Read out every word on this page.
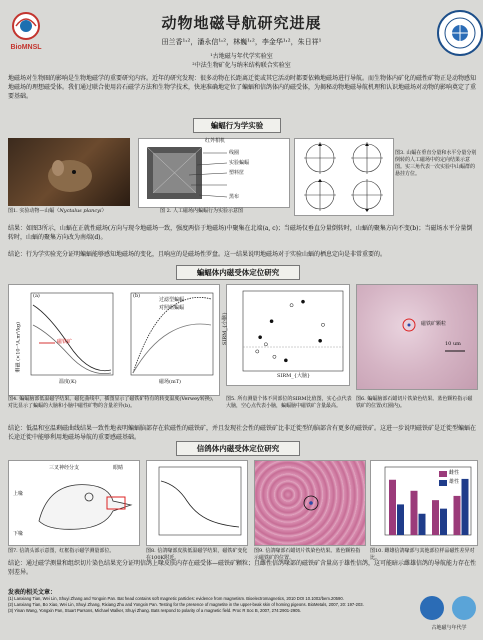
BioMNSL
动物地磁导航研究进展
田兰香¹˒²，潘永信¹˒²，林巍¹˒²，李金华¹˒²，朱日祥¹
¹古地磁与年代学实验室
²中法生物矿化与纳米结构联合实验室
地磁场对生物圈的影响是生物地磁学的重要研究内容。近年的研究发现：很多动物在长距离迁徙或其它活动时都要依赖地磁场进行导航。而生物体内矿化的磁性矿物正是动物感知地磁场的理想磁受体。我们通过联合使用岩石磁学方法和生物学技术，快速准确地定位了蝙蝠和信鸽体内的磁受体，为揭秘动物地磁导航机理和认识地磁场对动物的影响奠定了重要基础。
蝙蝠行为学实验
图1. 实验动物—山蝠（Nyctalus plancyi）
红外相机
线圈
实验蝙蝠
塑料筐
黑布
图 2. 人工磁场内蝙蝠行为实验示意图
图3. 山蝠在垂直分量和水平分量分别倒转的人工磁场中的定向结果示意图。实三角代表一次实验中山蝠群的悬挂方位。
结果：如图3所示，山蝠在正就性磁场(方向与现今地磁场一致，强度两倍于地磁场)中聚集在北端(a, c)；当磁场仅垂直分量倒转时，山蝠的聚集方向不变(b)；当磁场水平分量倒转时，山蝠的聚集方向改为南端(d)。
结论：行为学实验充分证明蝙蝠能够感知地磁场的变化，且响应的是磁场性罗盘。这一结果说明地磁场对于实验山蝠的栖息定向是非常重要的。
蝙蝠体内磁受体定位研究
(a)	(b)
磁铁矿
过滤型蝙蝠
对照组蝙蝠
温度(K)	磁场(mT)
剩磁 (×10⁻³A.m²/kg)
图4. 蝙蝠脑部低温磁学结果。磁化曲线中，插图显示了磁铁矿特有的转变温度(Verwey转换)，对比显示了蝙蝠的大脑和小脑中磁性矿物的含量差异(b)。
SIRM_{大脑}
SIRM_{小脑}
图5. 所有测量个体不同部位的SIRM比值图，实心点代表大脑，空心点代表小脑，蝙蝠脑中磁铁矿含量最高。
磁铁矿颗粒
10 um
图6. 蝙蝠脑部石蜡切片铁染色结果。蓝色颗粒指示磁铁矿的位置(红圈内)。
结论：低温和室温剩磁曲线结果一致性地表明蝙蝠脑部存在软磁性的磁铁矿，并且发现社会性的磁铁矿比非迁徙型的脑部含有更多的磁铁矿。这进一步说明磁铁矿是迁徙型蝙蝠在长途迁徙中能够利用地磁场导航的重要感磁基础。
信鸽体内磁受体定位研究
三叉神经分支
上喙
下喙
眼睛
图7. 信鸽头部示意图，红框指示磁学测量部位。	图8. 信鸽喙部皮肤低温磁学结果，磁铁矿变化在100K附近。
图9. 信鸽喙部石蜡切片铁染色结果。蓝色颗粒指示磁铁矿的位置。
雌性
雄性
图10. 雌雄信鸽喙部与其他部位样品磁性差异对比。
结论：通过磁学测量和组织切片染色结果充分证明信鸽上喙皮肤内存在磁受体—磁铁矿颗粒；且雌性信鸽喙部的磁铁矿含量高于雄性信鸽，这可能暗示雌雄信鸽的导航能力存在性别差异。
发表的相关文章：
(1) Lanxiang Tian, Wei Lin, Shuyi Zhang and Yongxin Pan. Bat head contains soft magnetic particles: evidence from magnetism. Bioelectromagnetics, 2010 DOI 10.1002/bem.20590.
(2) Lanxiang Tian, Bo Xiao, Wei Lin, Shuyi Zhang, Rixiang Zhu and Yongxin Pan. Testing for the presence of magnetite in the upper-beak skin of homing pigeons. BioMetals, 2007, 20: 197-203.
(3) Yinan Wang, Yongxin Pan, Stuart Parsons, Michael Walker, Shuyi Zhang. Bats respond to polarity of a magnetic field. Proc R Soc B, 2007, 274:2901-2905.
古地磁与年代学
